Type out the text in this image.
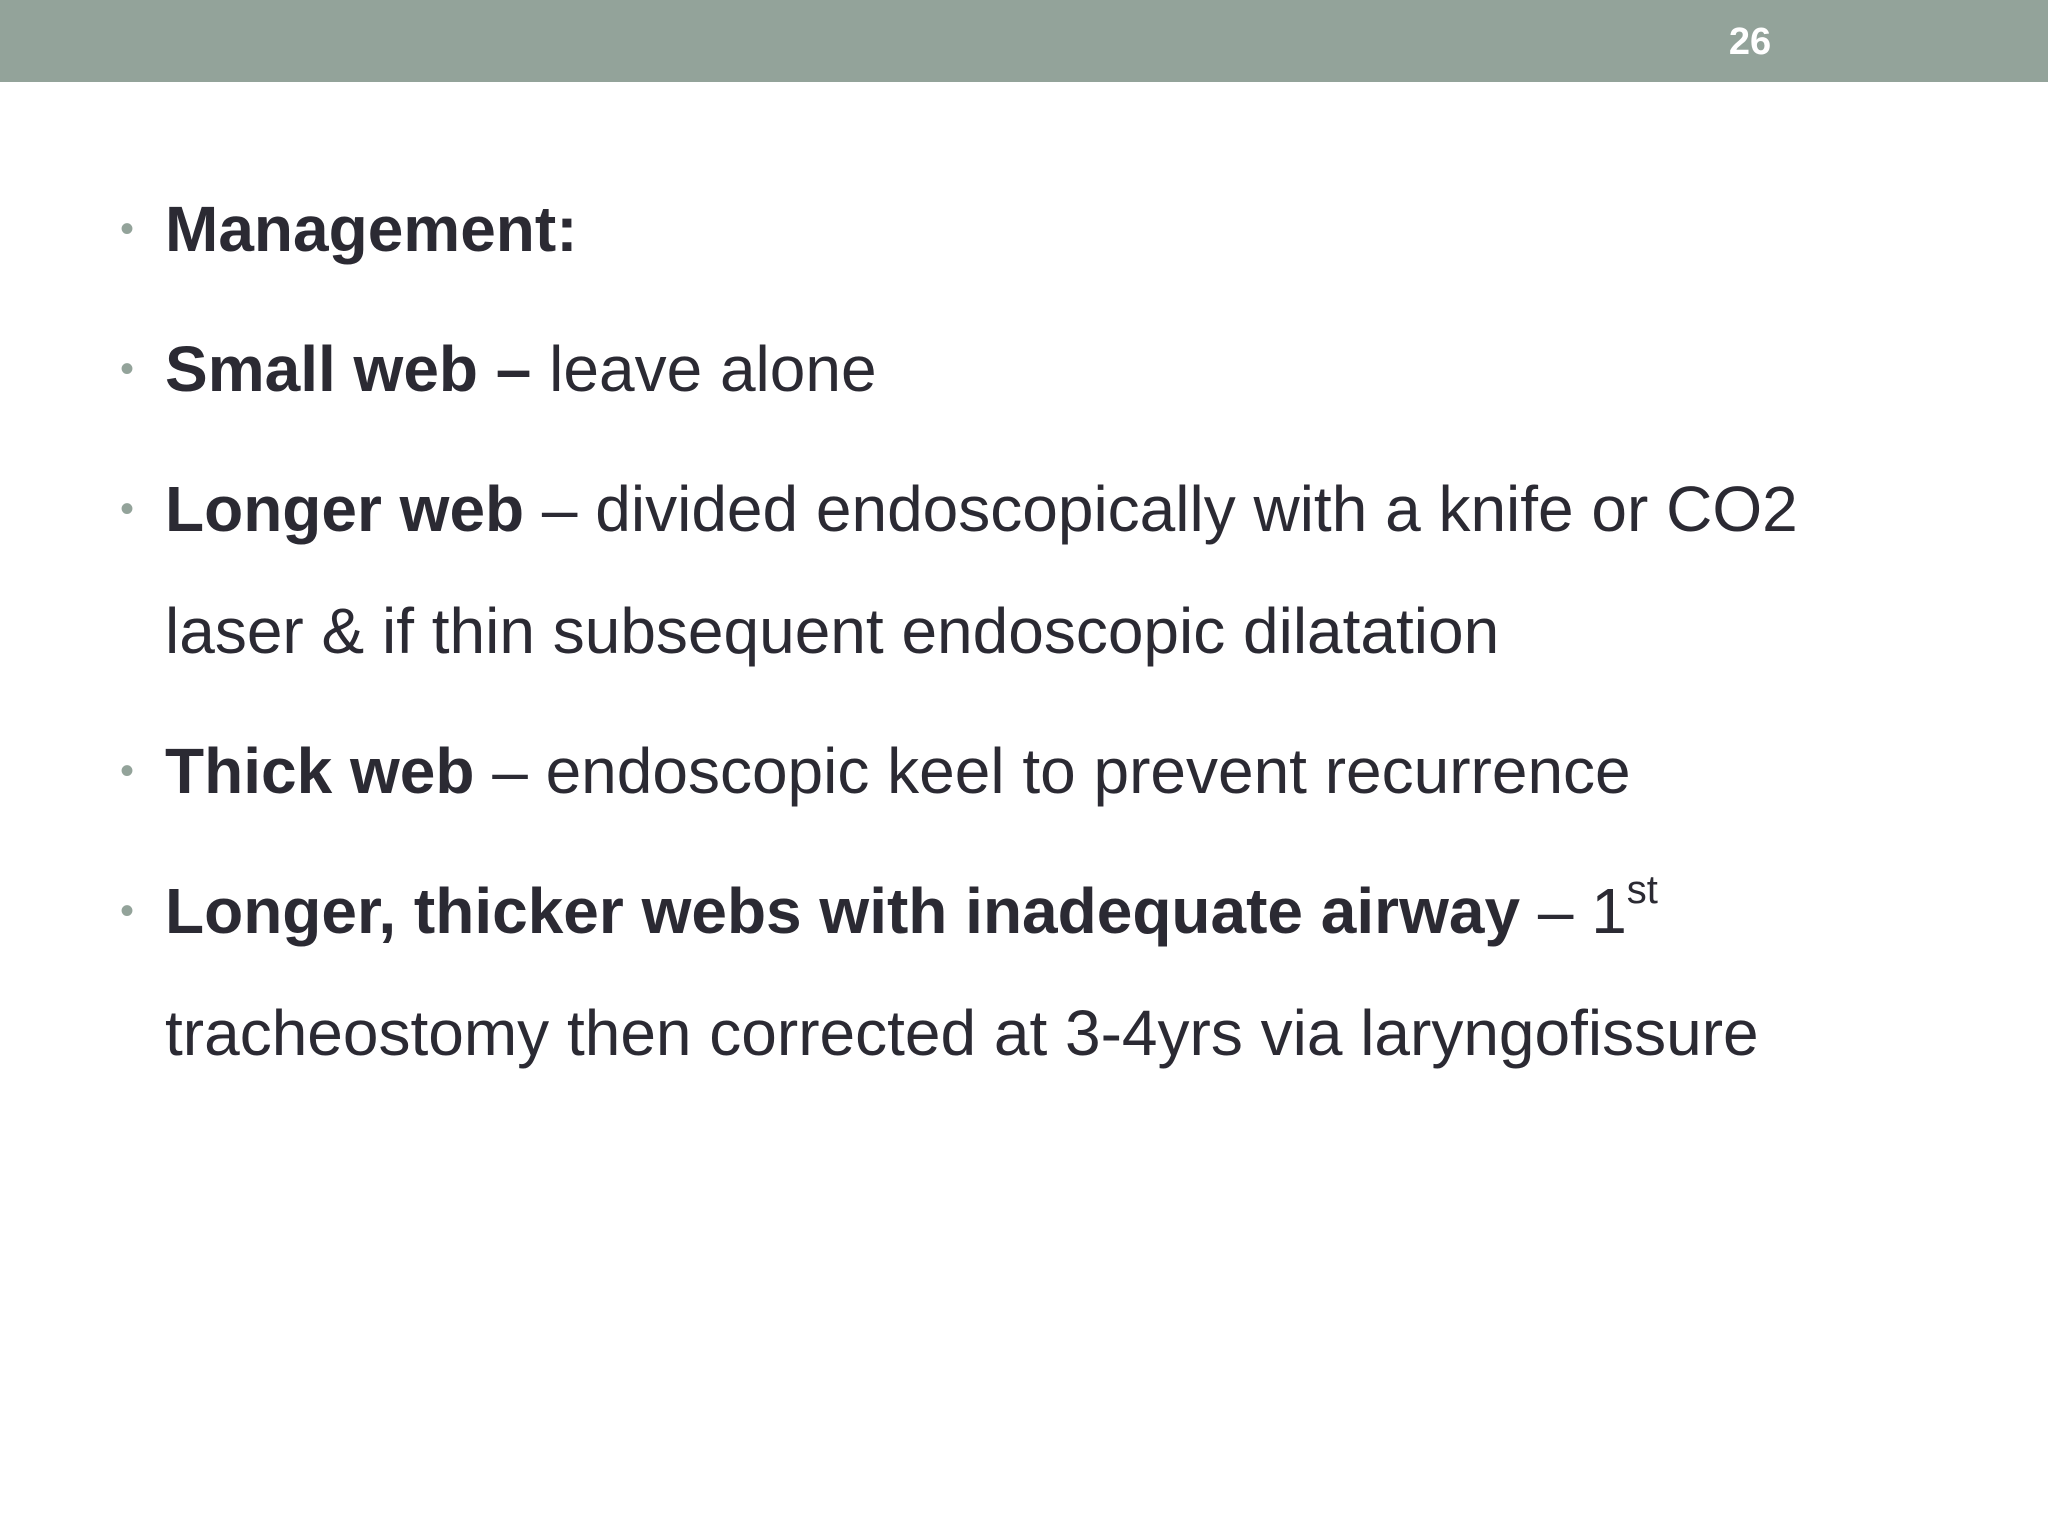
26
• Management:
• Small web – leave alone
• Longer web – divided endoscopically with a knife or CO2 laser & if thin subsequent endoscopic dilatation
• Thick web – endoscopic keel to prevent recurrence
• Longer, thicker webs with inadequate airway – 1st tracheostomy then corrected at 3-4yrs via laryngofissure
